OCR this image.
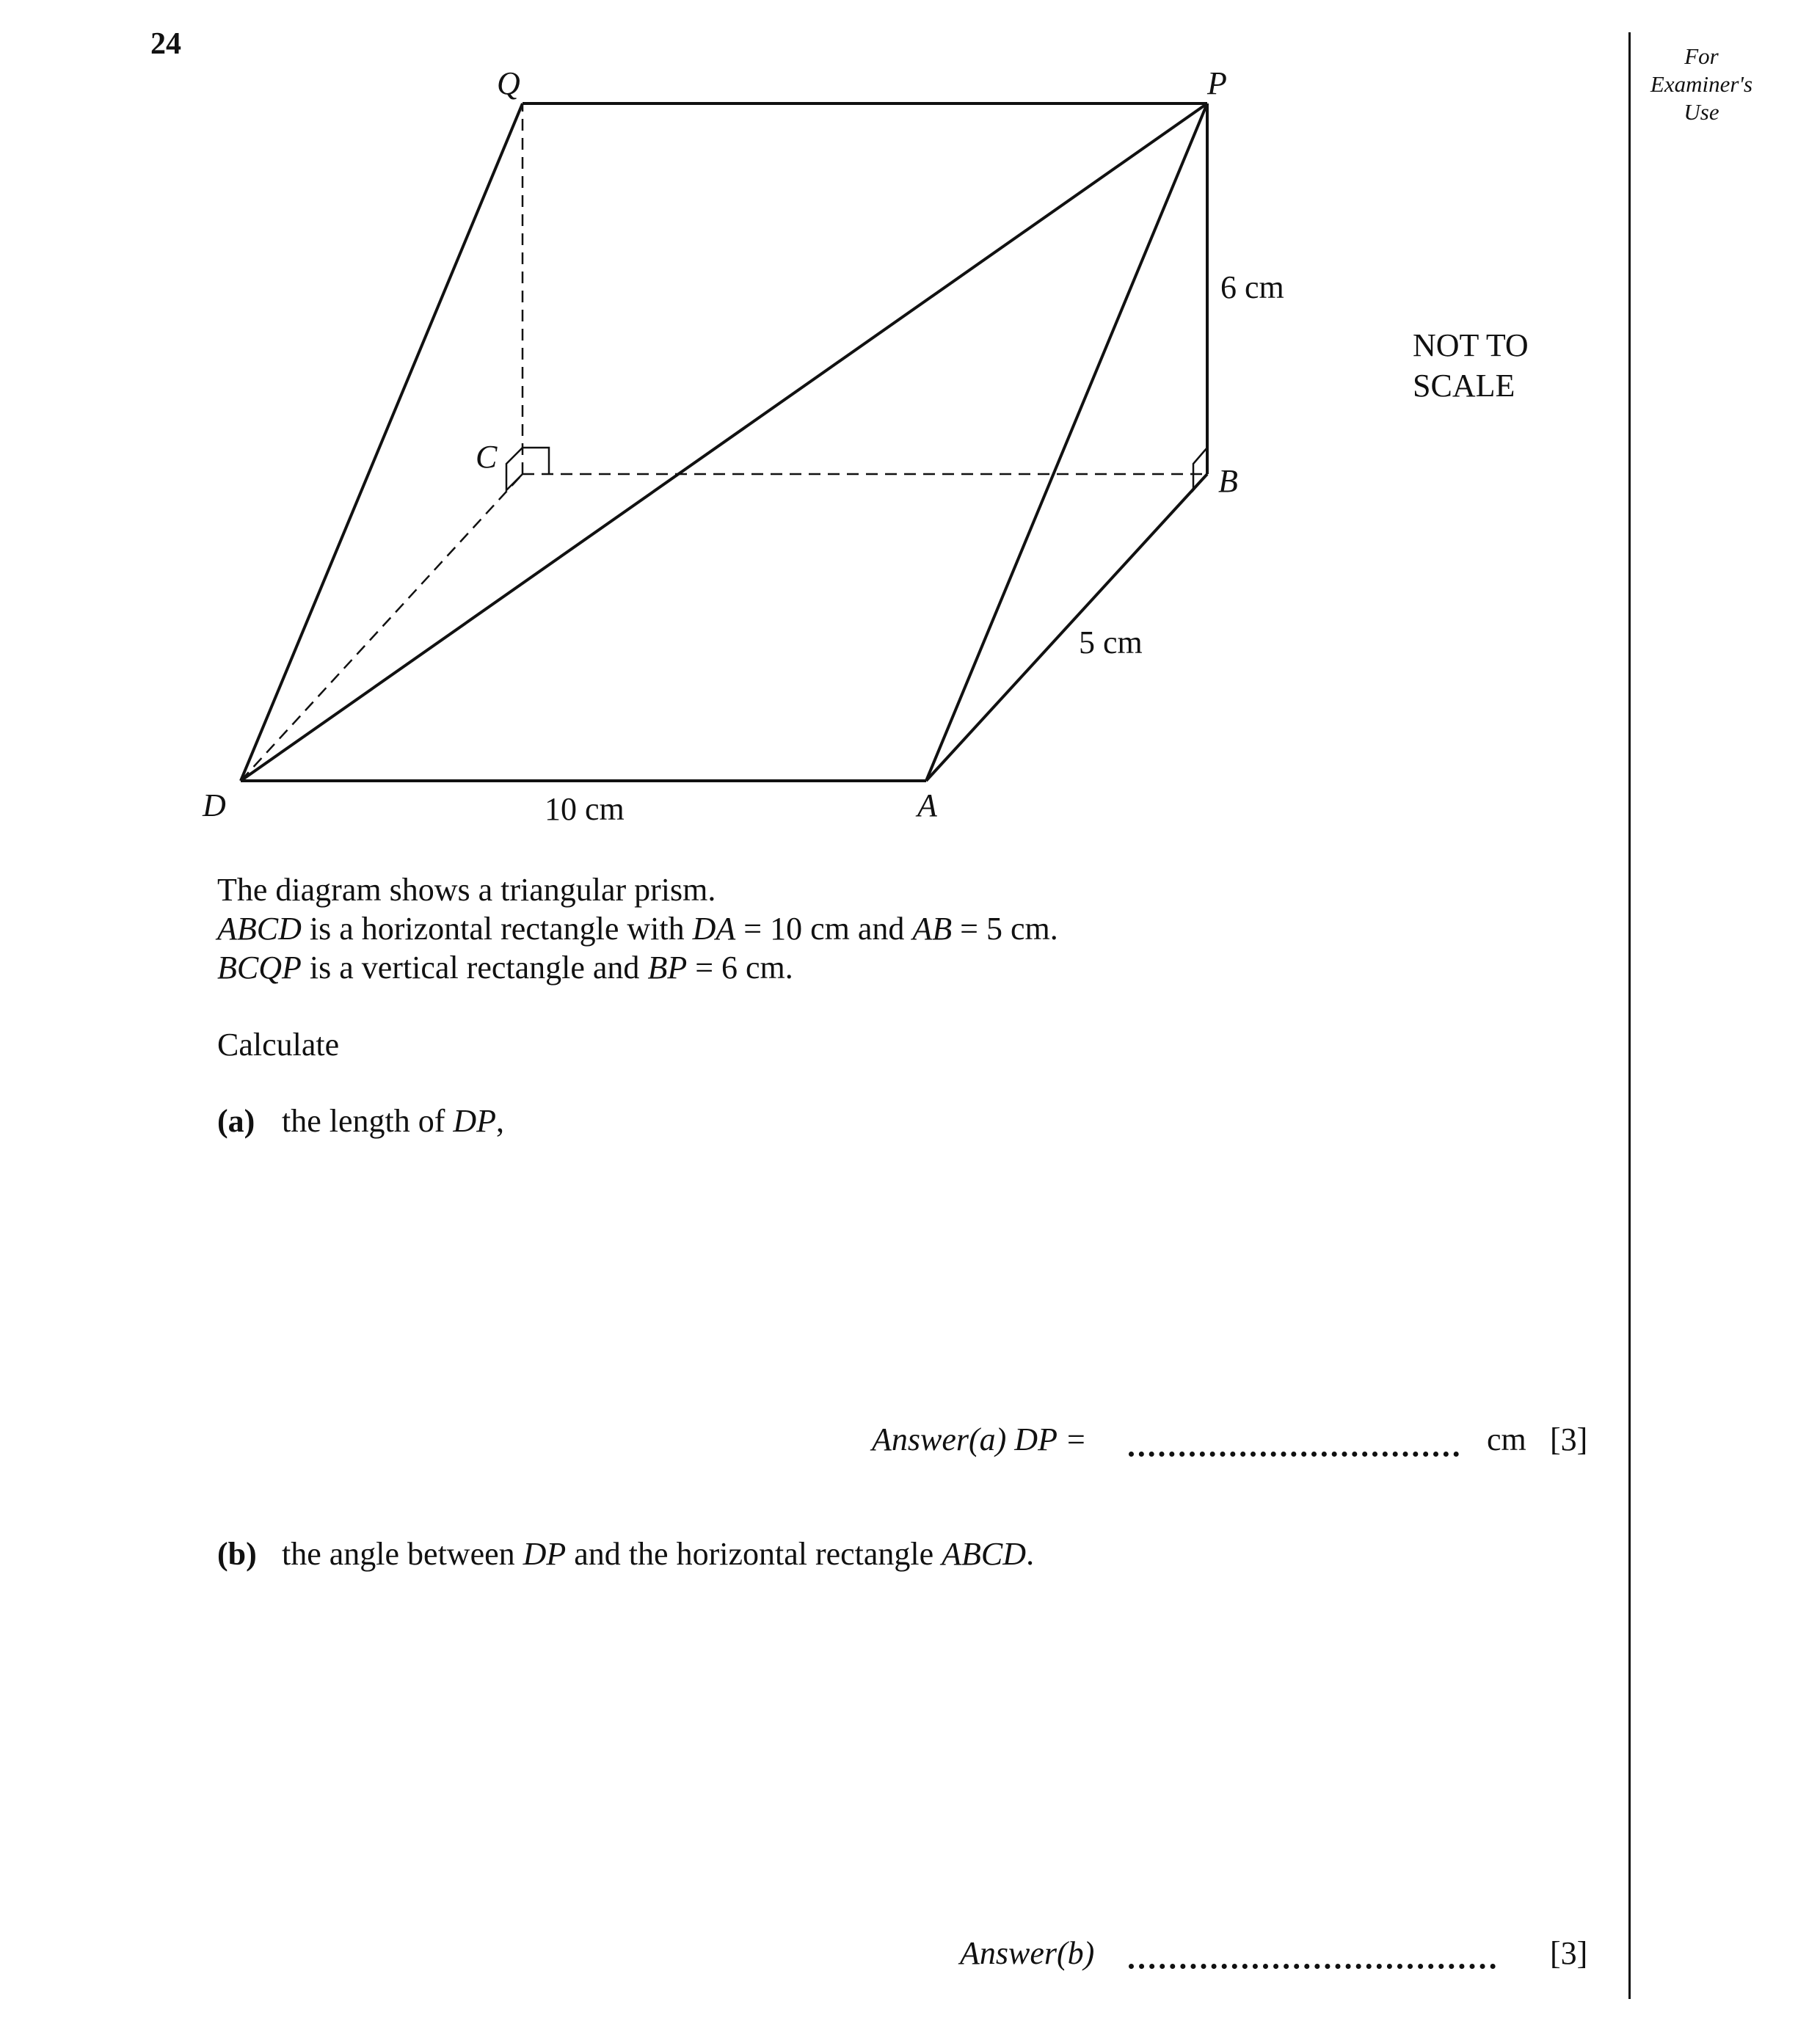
24	For
Examiner's
Use
Q	P
C
B
D	A
6 cm
5 cm
10 cm
NOT TO
SCALE
The diagram shows a triangular prism.
ABCD is a horizontal rectangle with DA = 10 cm and AB = 5 cm.
BCQP is a vertical rectangle and BP = 6 cm.
Calculate
(a) the length of DP,
Answer(a) DP =	cm [3]
(b) the angle between DP and the horizontal rectangle ABCD.
Answer(b)	[3]
